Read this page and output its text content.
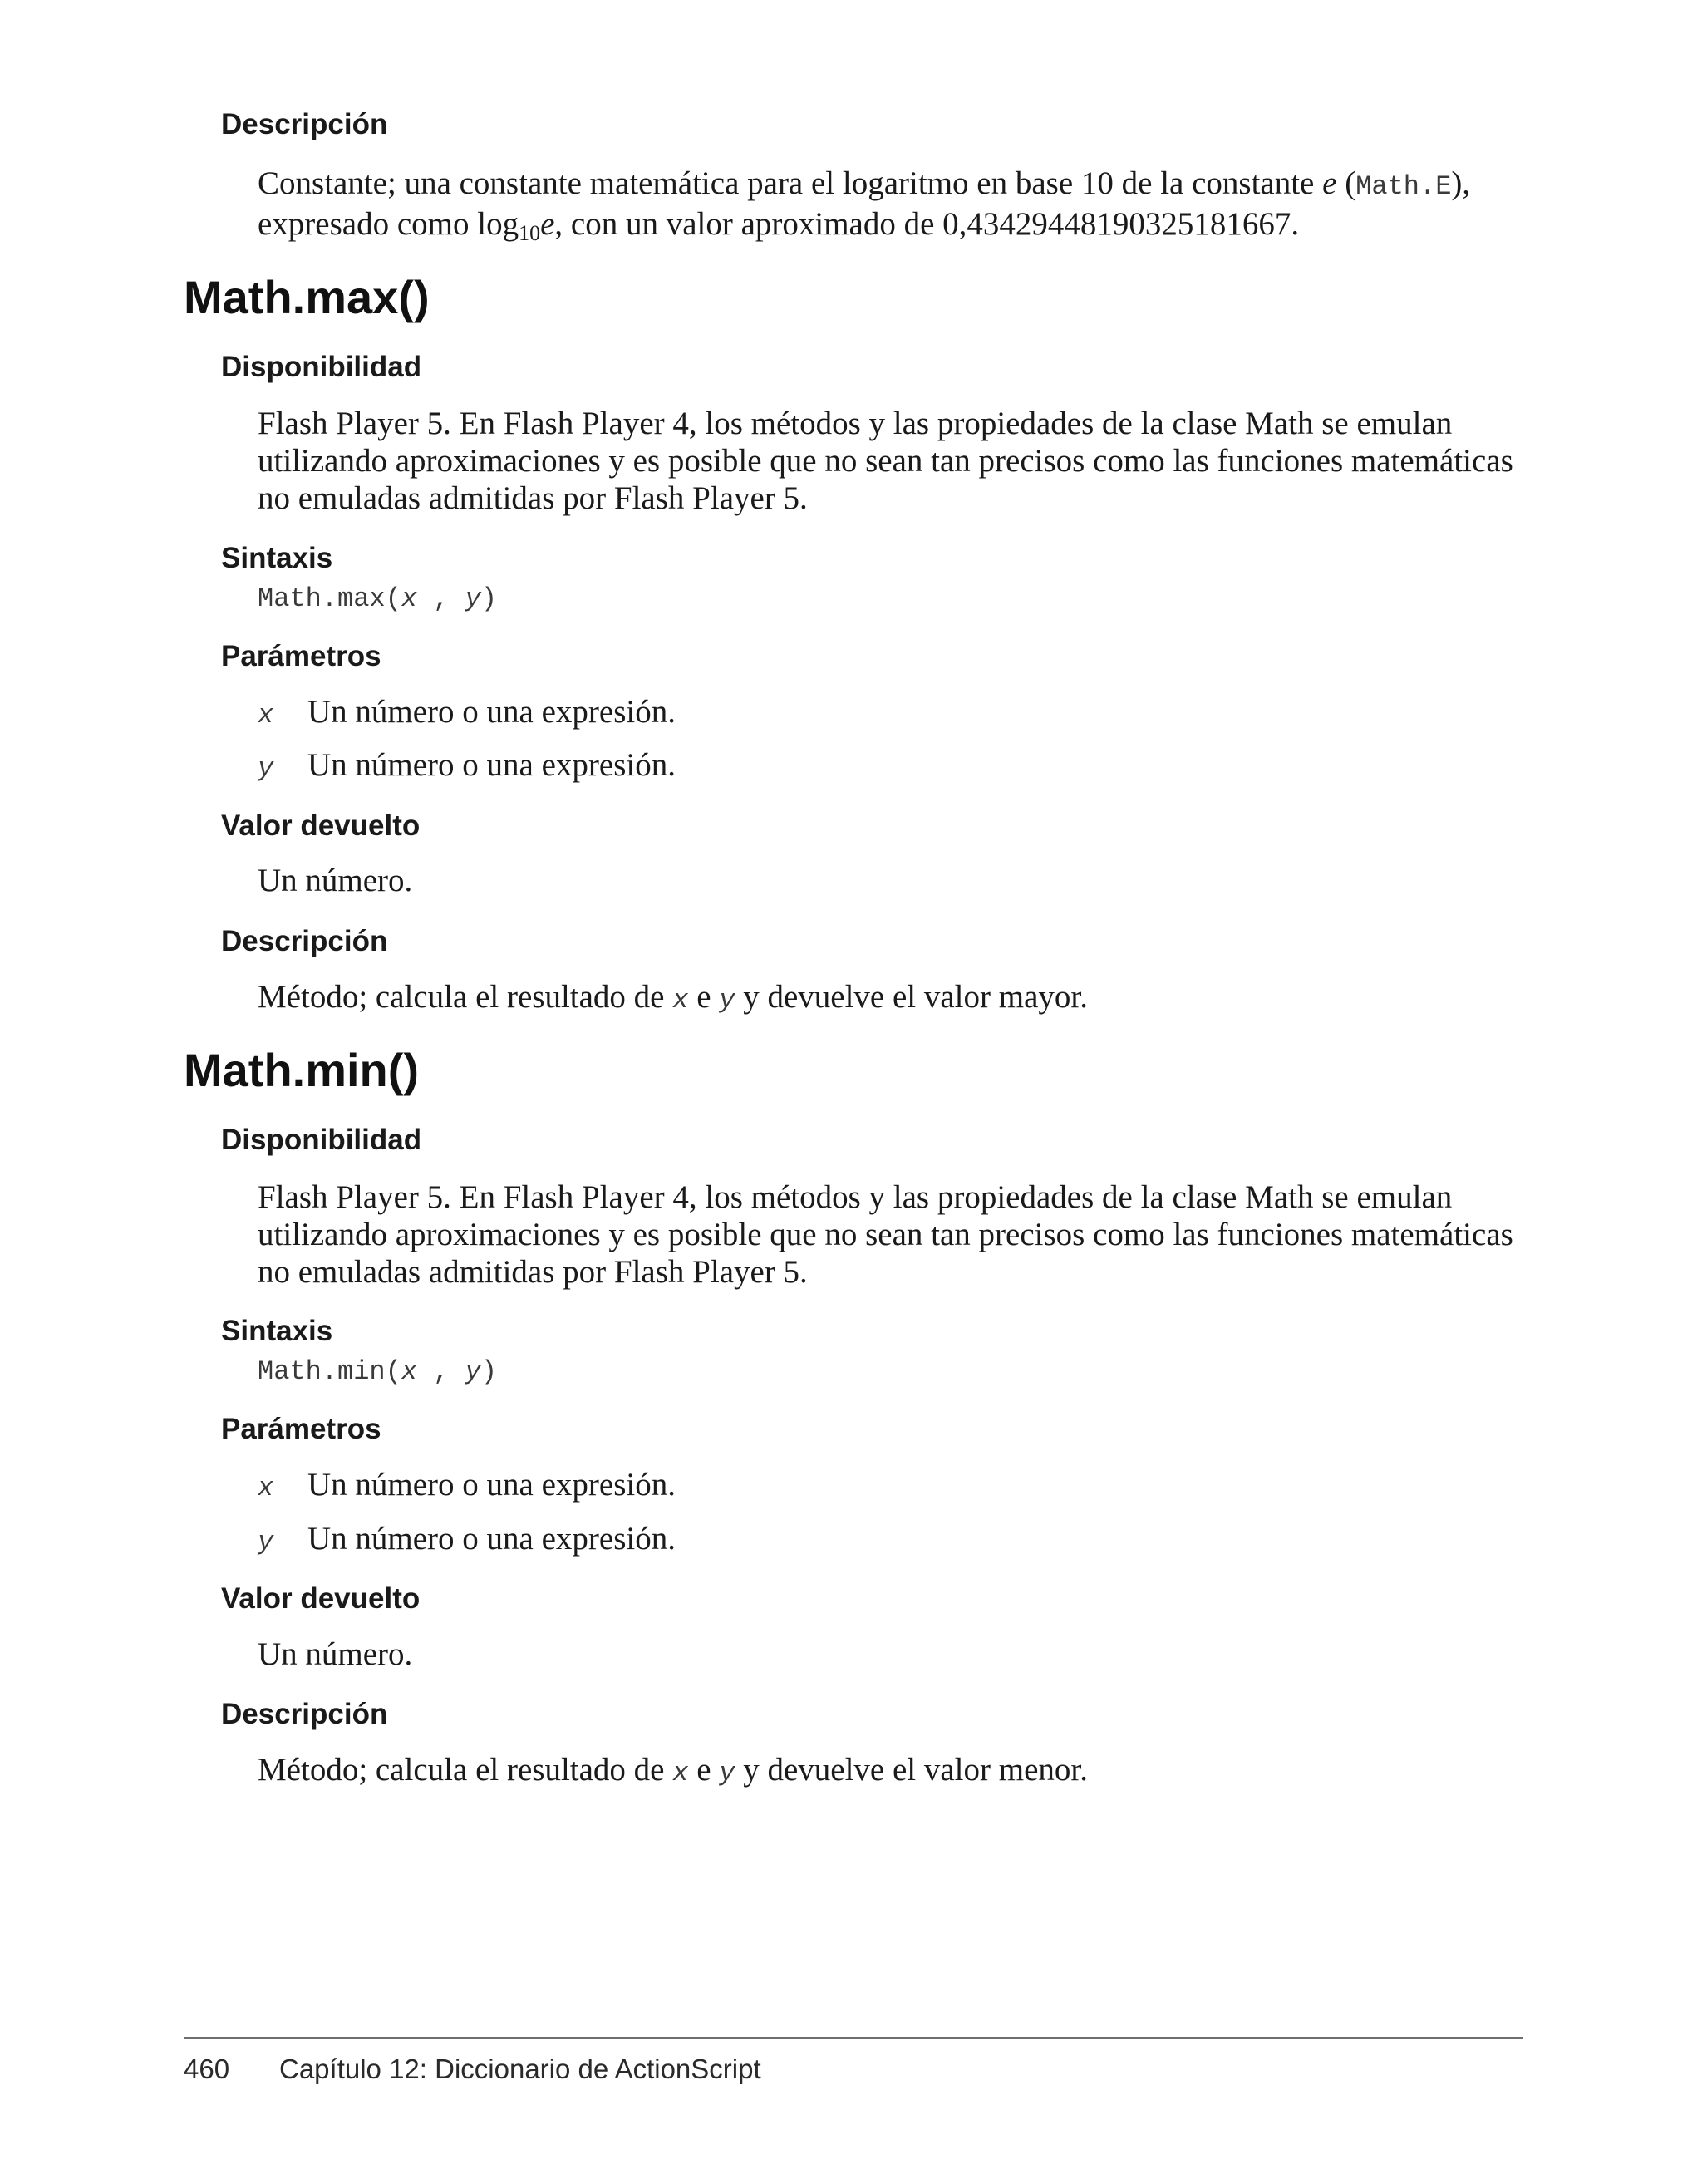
Descripción
Constante; una constante matemática para el logaritmo en base 10 de la constante e (Math.E),
expresado como $\log_{10}e$, con un valor aproximado de 0,43429448190325181667.
Math.max()
Disponibilidad
Flash Player 5. En Flash Player 4, los métodos y las propiedades de la clase Math se emulan
utilizando aproximaciones y es posible que no sean tan precisos como las funciones matemáticas
no emuladas admitidas por Flash Player 5.
Sintaxis
Math.max(x , y)
Parámetros
x Un número o una expresión.
y Un número o una expresión.
Valor devuelto
Un número.
Descripción
Método; calcula el resultado de x e y y devuelve el valor mayor.
Math.min()
Disponibilidad
Flash Player 5. En Flash Player 4, los métodos y las propiedades de la clase Math se emulan
utilizando aproximaciones y es posible que no sean tan precisos como las funciones matemáticas
no emuladas admitidas por Flash Player 5.
Sintaxis
Math.min(x , y)
Parámetros
x Un número o una expresión.
y Un número o una expresión.
Valor devuelto
Un número.
Descripción
Método; calcula el resultado de x e y y devuelve el valor menor.
460 Capítulo 12: Diccionario de ActionScript
